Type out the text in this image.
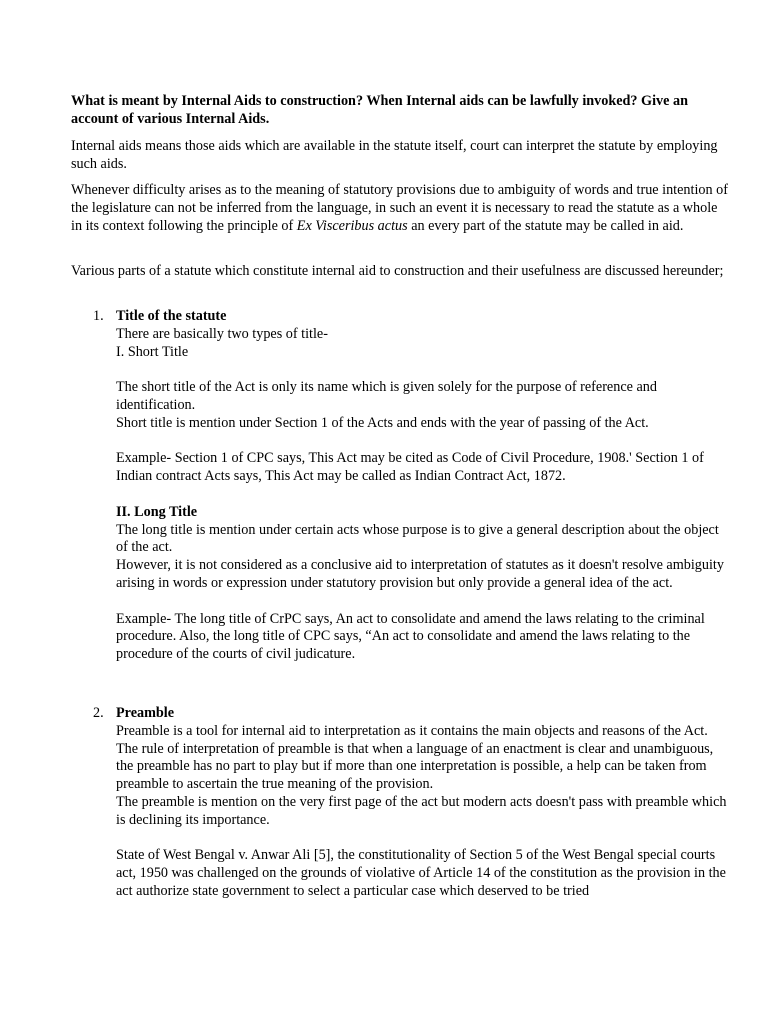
What is meant by Internal Aids to construction? When Internal aids can be lawfully invoked? Give an account of various Internal Aids.

Internal aids means those aids which are available in the statute itself, court can interpret the statute by employing such aids.

Whenever difficulty arises as to the meaning of statutory provisions due to ambiguity of words and true intention of the legislature can not be inferred from the language, in such an event it is necessary to read the statute as a whole in its context following the principle of Ex Visceribus actus an every part of the statute may be called in aid.

Various parts of a statute which constitute internal aid to construction and their usefulness are discussed hereunder;

1. Title of the statute
There are basically two types of title-
I. Short Title
The short title of the Act is only its name which is given solely for the purpose of reference and identification.
Short title is mention under Section 1 of the Acts and ends with the year of passing of the Act.
Example- Section 1 of CPC says, This Act may be cited as Code of Civil Procedure, 1908.' Section 1 of Indian contract Acts says, This Act may be called as Indian Contract Act, 1872.
II. Long Title
The long title is mention under certain acts whose purpose is to give a general description about the object of the act.
However, it is not considered as a conclusive aid to interpretation of statutes as it doesn't resolve ambiguity arising in words or expression under statutory provision but only provide a general idea of the act.
Example- The long title of CrPC says, An act to consolidate and amend the laws relating to the criminal procedure. Also, the long title of CPC says, “An act to consolidate and amend the laws relating to the procedure of the courts of civil judicature.
2. Preamble
Preamble is a tool for internal aid to interpretation as it contains the main objects and reasons of the Act.
The rule of interpretation of preamble is that when a language of an enactment is clear and unambiguous, the preamble has no part to play but if more than one interpretation is possible, a help can be taken from preamble to ascertain the true meaning of the provision.
The preamble is mention on the very first page of the act but modern acts doesn't pass with preamble which is declining its importance.
State of West Bengal v. Anwar Ali [5], the constitutionality of Section 5 of the West Bengal special courts act, 1950 was challenged on the grounds of violative of Article 14 of the constitution as the provision in the act authorize state government to select a particular case which deserved to be tried
